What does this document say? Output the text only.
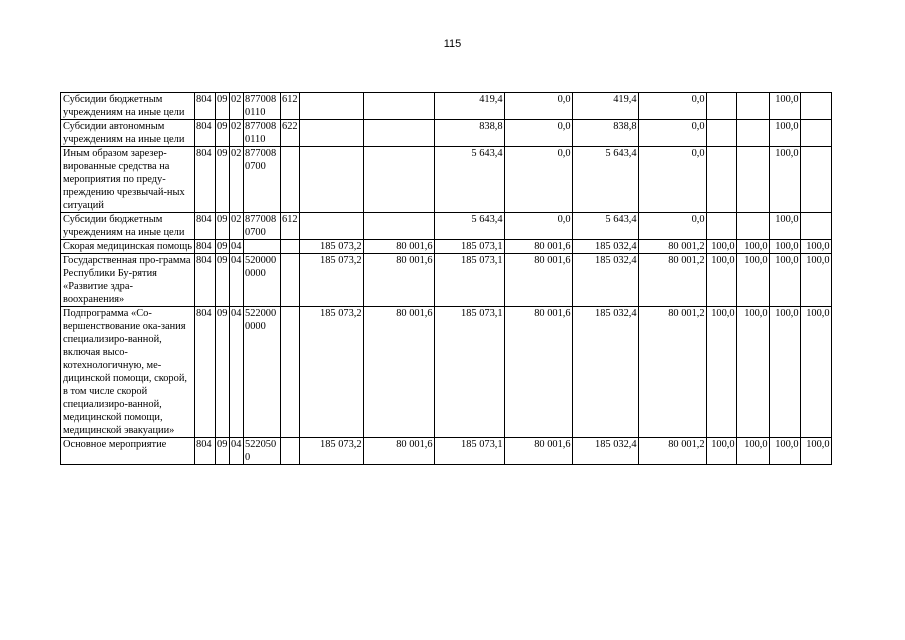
115
Субсидии бюджетным учреждениям на иные цели	804	09	02	8770080110	612			419,4	0,0	419,4	0,0			100,0	
Субсидии автономным учреждениям на иные цели	804	09	02	8770080110	622			838,8	0,0	838,8	0,0			100,0	
Иным образом зарезер-вированные средства на мероприятия по преду-преждению чрезвычай-ных ситуаций	804	09	02	8770080700				5 643,4	0,0	5 643,4	0,0			100,0	
Субсидии бюджетным учреждениям на иные цели	804	09	02	8770080700	612			5 643,4	0,0	5 643,4	0,0			100,0	
Скорая медицинская помощь	804	09	04			185 073,2	80 001,6	185 073,1	80 001,6	185 032,4	80 001,2	100,0	100,0	100,0	100,0
Государственная про-грамма Республики Бу-рятия «Развитие здра-воохранения»	804	09	04	5200000000		185 073,2	80 001,6	185 073,1	80 001,6	185 032,4	80 001,2	100,0	100,0	100,0	100,0
Подпрограмма «Со-вершенствование ока-зания специализиро-ванной, включая высо-котехнологичную, ме-дицинской помощи, скорой, в том числе скорой специализиро-ванной, медицинской помощи, медицинской эвакуации»	804	09	04	5220000000		185 073,2	80 001,6	185 073,1	80 001,6	185 032,4	80 001,2	100,0	100,0	100,0	100,0
Основное мероприятие	804	09	04	5220500		185 073,2	80 001,6	185 073,1	80 001,6	185 032,4	80 001,2	100,0	100,0	100,0	100,0
